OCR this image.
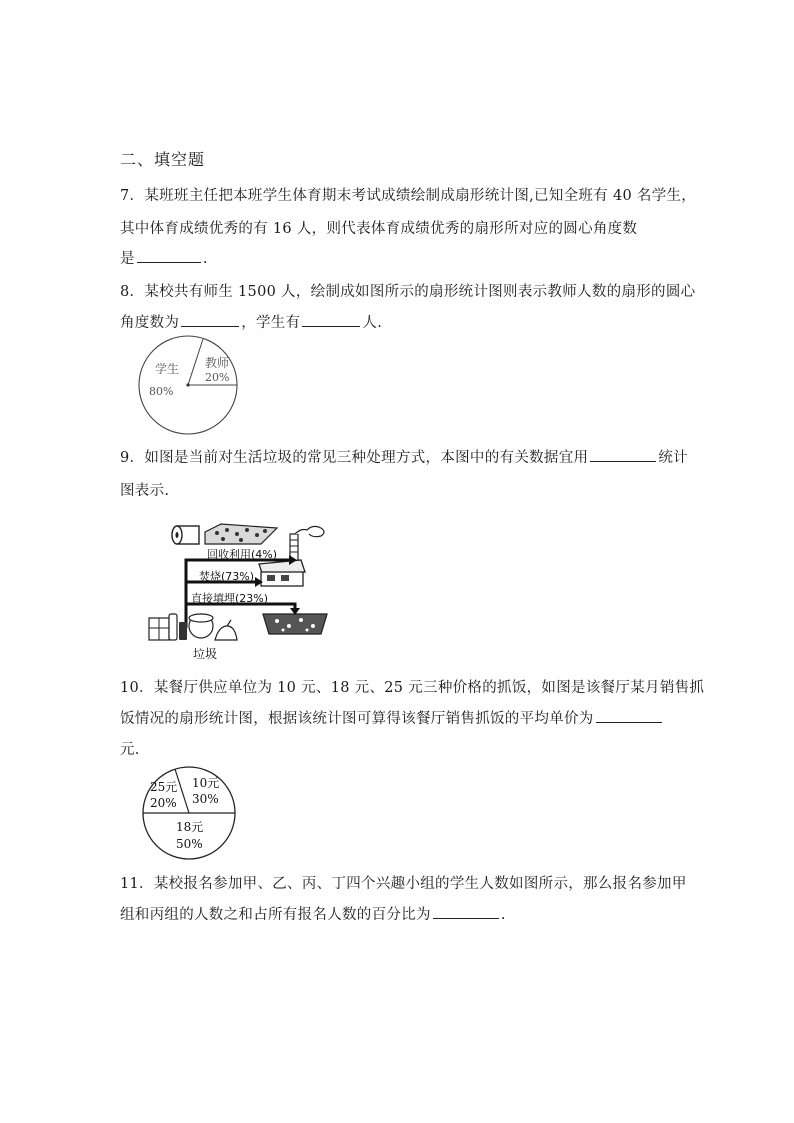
二、填空题
7．某班班主任把本班学生体育期末考试成绩绘制成扇形统计图,已知全班有 40 名学生，
其中体育成绩优秀的有 16 人，则代表体育成绩优秀的扇形所对应的圆心角度数
是	.
8．某校共有师生 1500 人，绘制成如图所示的扇形统计图则表示教师人数的扇形的圆心
角度数为	，学生有	人.
学生
80%
教师
20%
9．如图是当前对生活垃圾的常见三种处理方式，本图中的有关数据宜用	统计
图表示.
回收利用(4%)
焚烧(73%)
直接填埋(23%)
垃圾
10．某餐厅供应单位为 10 元、18 元、25 元三种价格的抓饭，如图是该餐厅某月销售抓
饭情况的扇形统计图，根据该统计图可算得该餐厅销售抓饭的平均单价为
元.
25元
20%
10元
30%
18元
50%
11．某校报名参加甲、乙、丙、丁四个兴趣小组的学生人数如图所示，那么报名参加甲
组和丙组的人数之和占所有报名人数的百分比为	.
